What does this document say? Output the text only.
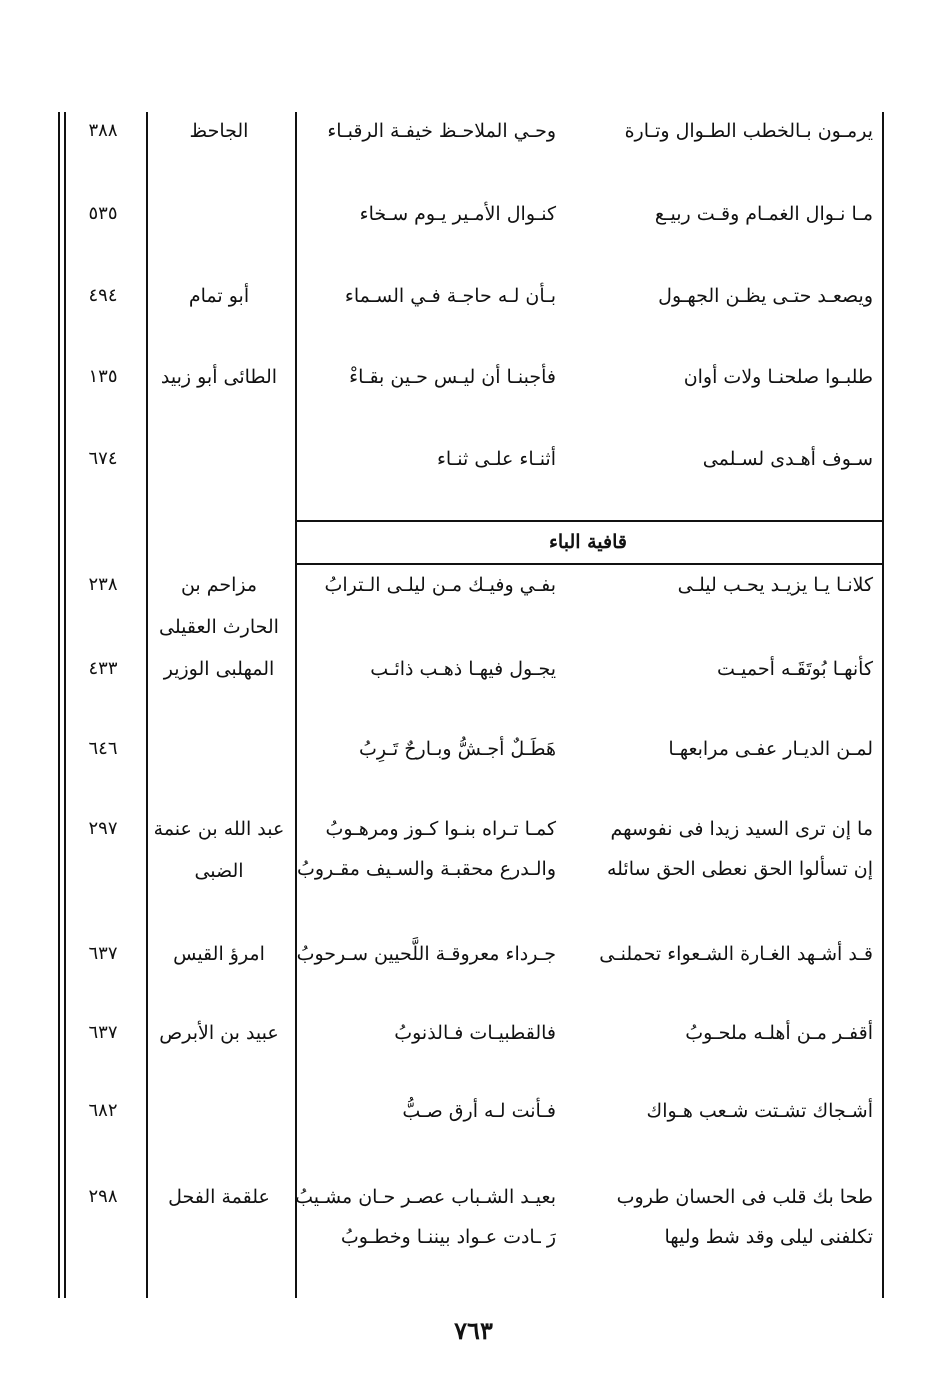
يرمـون بـالخطب الطـوال وتـارة
وحـي الملاحـظ خيفـة الرقبـاء
الجاحظ
٣٨٨
مـا نـوال الغمـام وقـت ربيـع
كنـوال الأمـير يـوم سـخاء
٥٣٥
ويصعـد حتـى يظـن الجهـول
بـأن لـه حاجـة فـي السـماء
أبو تمام
٤٩٤
طلبـوا صلحنـا ولات أوان
فأجبنـا أن ليـس حـين بقـاءْ
الطائى أبو زبيد
١٣٥
سـوف أهـدى لسـلمى
أثنـاء علـى ثنـاء
٦٧٤
قافية الباء
كلانـا يـا يزيـد يحـب ليلـى
بفـي وفيـك مـن ليلـى الـترابُ
مزاحم بن الحارث العقيلى
٢٣٨
كأنهـا بُوتَقَـه أحميـت
يجـول فيهـا ذهـب ذائـب
المهلبى الوزير
٤٣٣
لمـن الديـار عفـى مرابعهـا
هَطَـلٌ أجـشُّ وبـارحٌ تَـرِبُ
٦٤٦
ما إن ترى السيد زيدا فى نفوسهم
كمـا تـراه بنـوا كـوز ومرهـوبُ
إن تسألوا الحق نعطى الحق سائله
والـدرع محقبـة والسـيف مقـروبُ
عبد الله بن عنمة الضبى
٢٩٧
قـد أشـهد الغـارة الشـعواء تحملنـى
جـرداء معروقـة اللَّحيين سـرحوبُ
امرؤ القيس
٦٣٧
أقفـر مـن أهلـه ملحـوبُ
فالقطبيـات فـالذنوبُ
عبيد بن الأبرص
٦٣٧
أشـجاك تشـتت شـعب هـواك
فـأنت لـه أرق صـبُّ
٦٨٢
طحا بك قلب فى الحسان طروب
بعيـد الشـباب عصـر حـان مشـيبُ
تكلفنى ليلى وقد شط وليها
رَ ـادت عـواد بيننـا وخطـوبُ
علقمة الفحل
٢٩٨
٧٦٣
